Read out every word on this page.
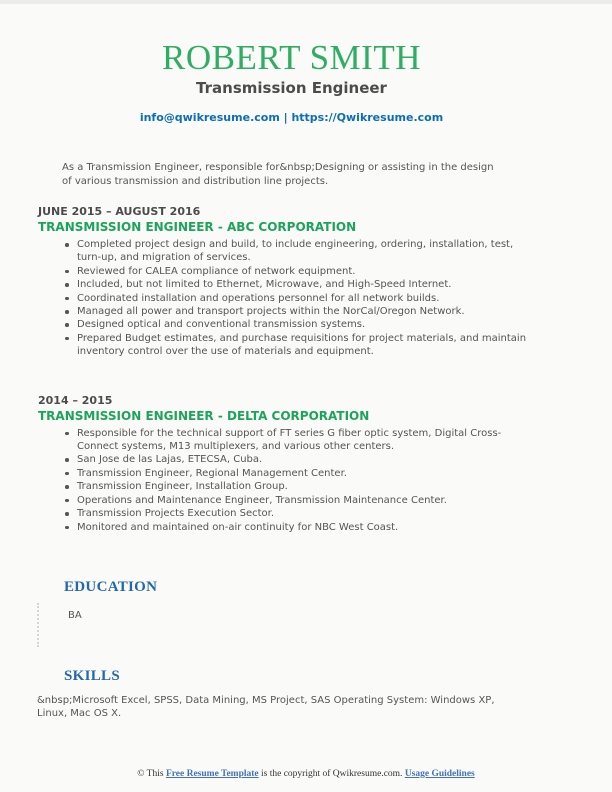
ROBERT SMITH
Transmission Engineer
info@qwikresume.com | https://Qwikresume.com
As a Transmission Engineer, responsible for&nbsp;Designing or assisting in the design of various transmission and distribution line projects.
JUNE 2015 – AUGUST 2016
TRANSMISSION ENGINEER - ABC CORPORATION
Completed project design and build, to include engineering, ordering, installation, test, turn-up, and migration of services.
Reviewed for CALEA compliance of network equipment.
Included, but not limited to Ethernet, Microwave, and High-Speed Internet.
Coordinated installation and operations personnel for all network builds.
Managed all power and transport projects within the NorCal/Oregon Network.
Designed optical and conventional transmission systems.
Prepared Budget estimates, and purchase requisitions for project materials, and maintain inventory control over the use of materials and equipment.
2014 – 2015
TRANSMISSION ENGINEER - DELTA CORPORATION
Responsible for the technical support of FT series G fiber optic system, Digital Cross-Connect systems, M13 multiplexers, and various other centers.
San Jose de las Lajas, ETECSA, Cuba.
Transmission Engineer, Regional Management Center.
Transmission Engineer, Installation Group.
Operations and Maintenance Engineer, Transmission Maintenance Center.
Transmission Projects Execution Sector.
Monitored and maintained on-air continuity for NBC West Coast.
EDUCATION
BA
SKILLS
&nbsp;Microsoft Excel, SPSS, Data Mining, MS Project, SAS Operating System: Windows XP, Linux, Mac OS X.
© This Free Resume Template is the copyright of Qwikresume.com. Usage Guidelines
